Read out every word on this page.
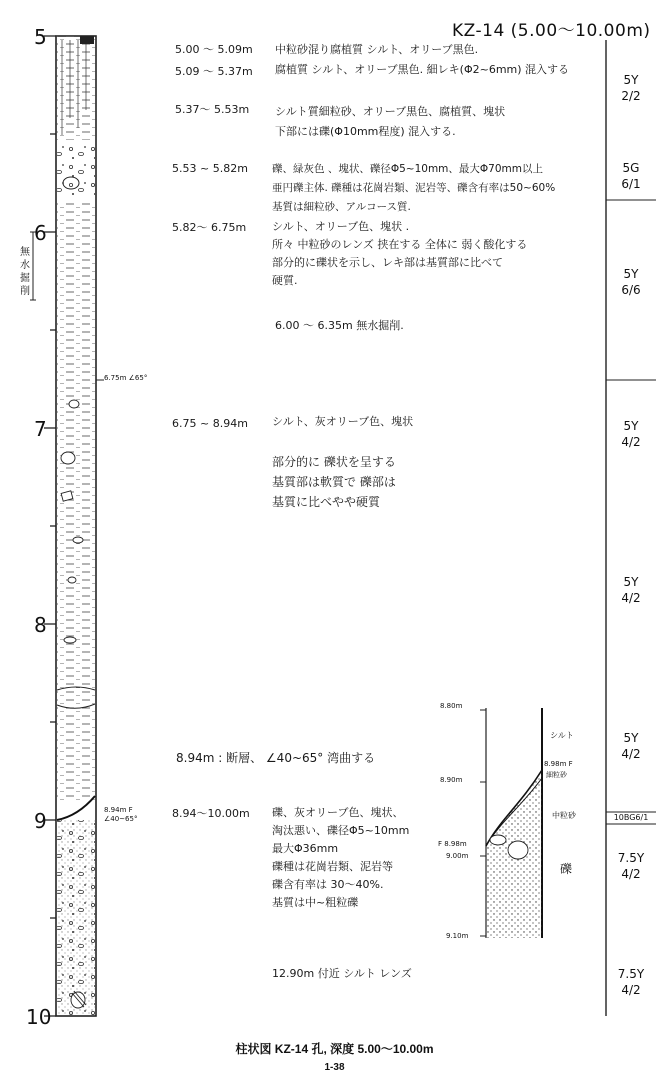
KZ-14 (5.00～10.00m)
5
6
7
8
9
10
無
水
掘
削
6.75m ∠65°
8.94m F
∠40~65°
5.00 ～ 5.09m 中粒砂混り腐植質 シルト、オリーブ黒色.
5.09 ～ 5.37m 腐植質 シルト、オリーブ黒色. 細レキ(Φ2~6mm) 混入する
5.37～ 5.53m シルト質細粒砂、オリーブ黒色、腐植質、塊状
下部には礫(Φ10mm程度) 混入する.
5.53 ~ 5.82m 礫、緑灰色 、塊状、礫径Φ5~10mm、最大Φ70mm以上
亜円礫主体. 礫種は花崗岩類、泥岩等、礫含有率は50~60%
基質は細粒砂、アルコース質.
5.82～ 6.75m シルト、オリーブ色、塊状 .
所々 中粒砂のレンズ 挟在する 全体に 弱く酸化する
部分的に礫状を示し、レキ部は基質部に比べて
硬質.
6.00 ～ 6.35m 無水掘削.
6.75 ~ 8.94m シルト、灰オリーブ色、塊状
部分的に 礫状を呈する
基質部は軟質で 礫部は
基質に比べやや硬質
8.94m : 断層、 ∠40~65° 湾曲する
8.94～10.00m 礫、灰オリーブ色、塊状、
淘汰悪い、礫径Φ5~10mm
最大Φ36mm
礫種は花崗岩類、泥岩等
礫含有率は 30～40%.
基質は中~粗粒礫
12.90m 付近 シルト レンズ
8.80m
8.90m
F 8.98m
9.00m
9.10m
シルト
8.98m F
細粒砂
中粒砂
礫
5Y
2/2
5G
6/1
5Y
6/6
5Y
4/2
5Y
4/2
5Y
4/2
10BG6/1
7.5Y
4/2
7.5Y
4/2
柱状図 KZ-14 孔, 深度 5.00～10.00m
1-38
